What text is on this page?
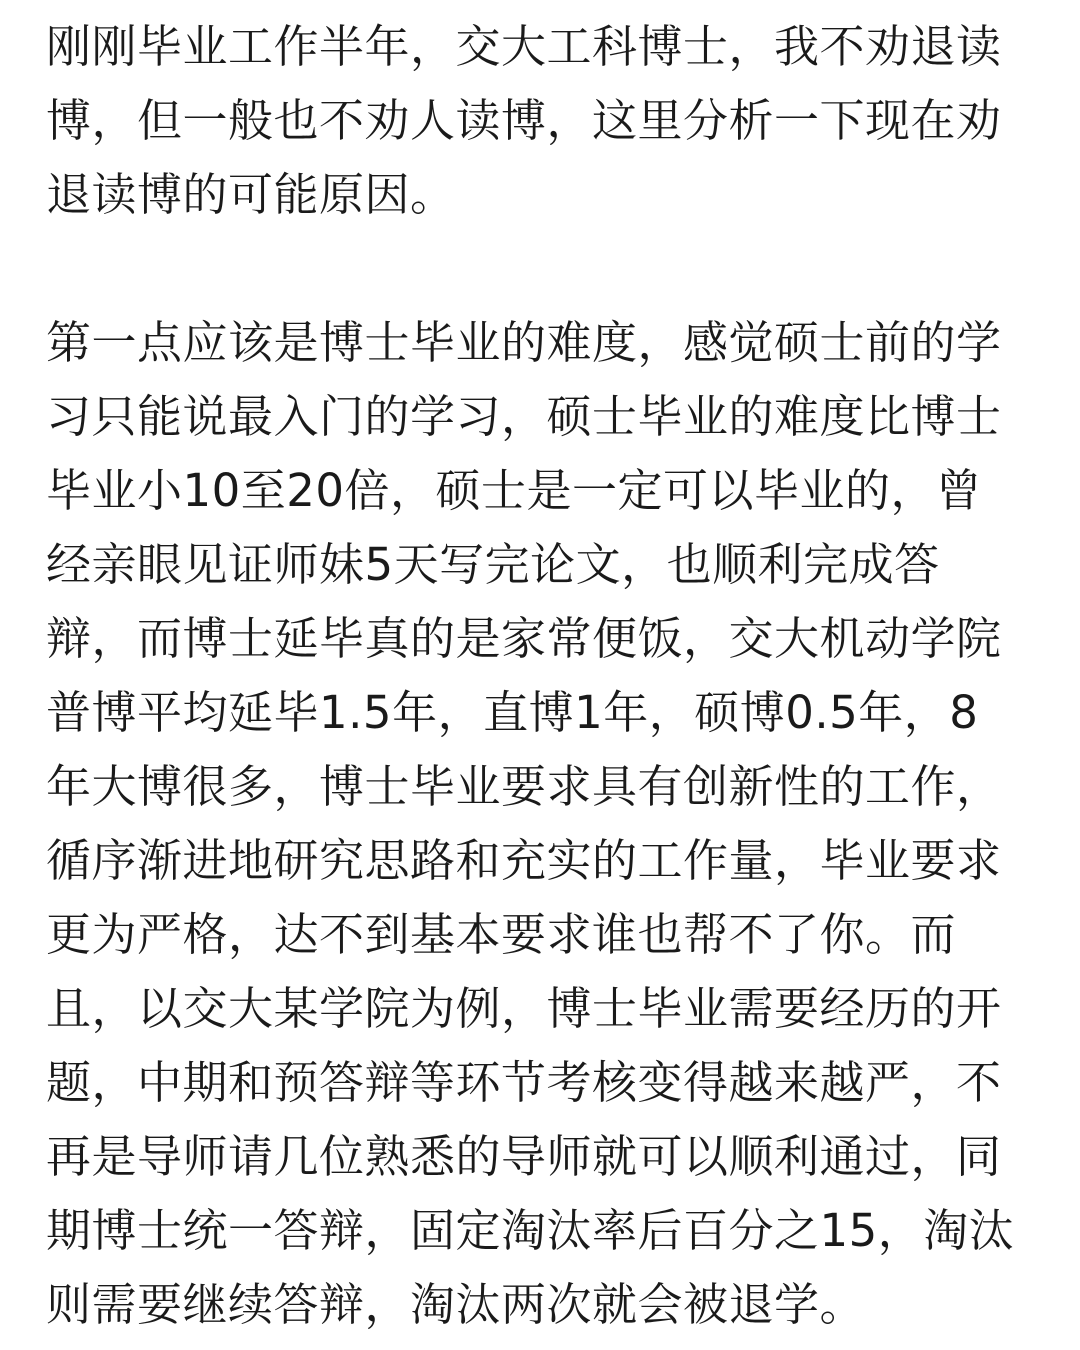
刚刚毕业工作半年，交大工科博士，我不劝退读
博，但一般也不劝人读博，这里分析一下现在劝
退读博的可能原因。
第一点应该是博士毕业的难度，感觉硕士前的学
习只能说最入门的学习，硕士毕业的难度比博士
毕业小10至20倍，硕士是一定可以毕业的，曾
经亲眼见证师妹5天写完论文，也顺利完成答
辩，而博士延毕真的是家常便饭，交大机动学院
普博平均延毕1.5年，直博1年，硕博0.5年，8
年大博很多，博士毕业要求具有创新性的工作，
循序渐进地研究思路和充实的工作量，毕业要求
更为严格，达不到基本要求谁也帮不了你。而
且，以交大某学院为例，博士毕业需要经历的开
题，中期和预答辩等环节考核变得越来越严，不
再是导师请几位熟悉的导师就可以顺利通过，同
期博士统一答辩，固定淘汰率后百分之15，淘汰
则需要继续答辩，淘汰两次就会被退学。
